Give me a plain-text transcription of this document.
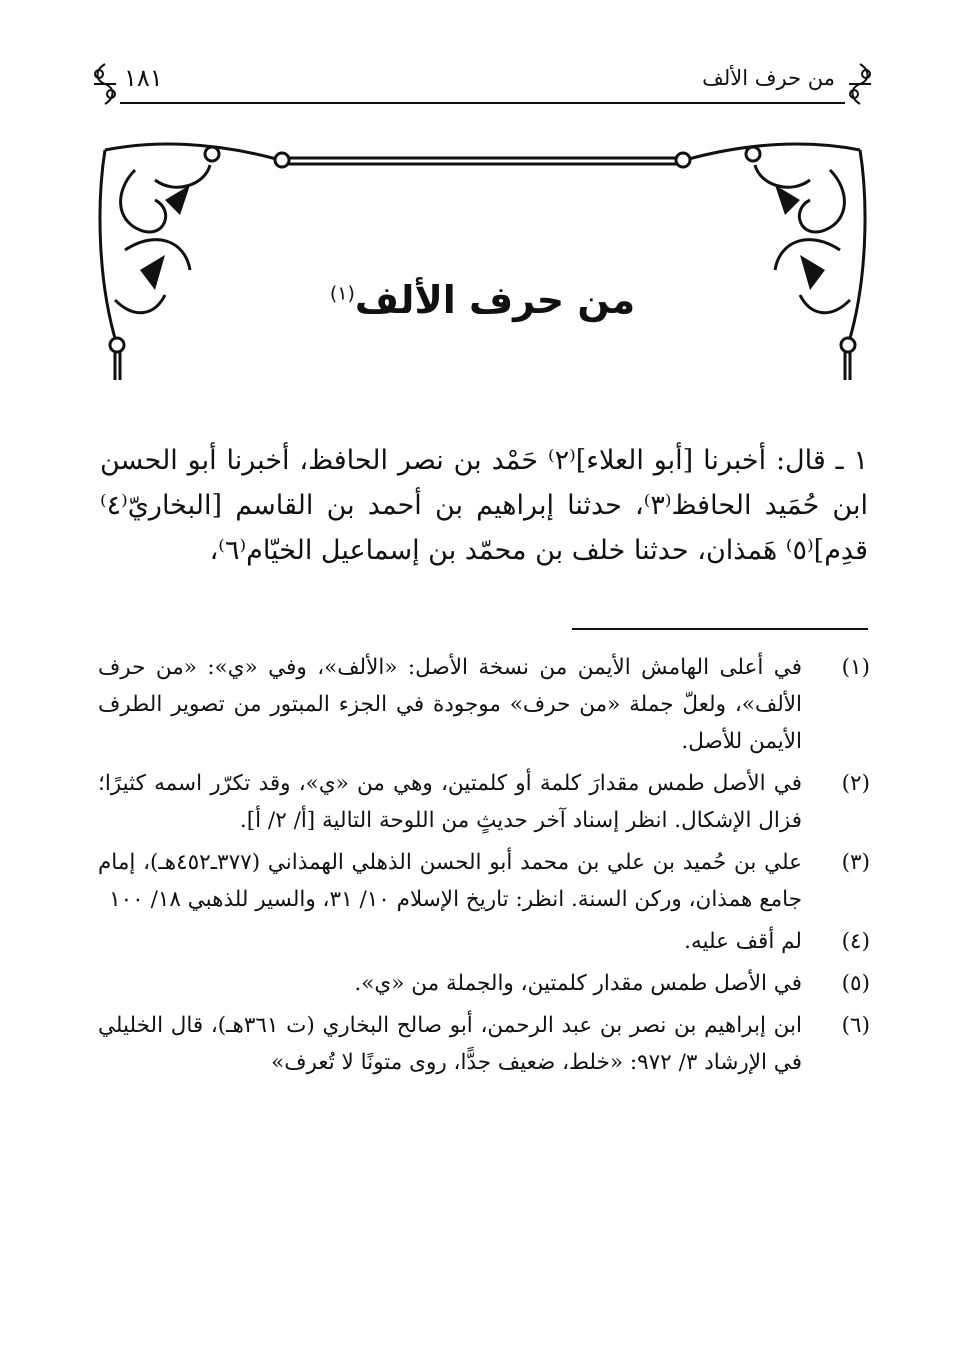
١٨١	من حرف الألف
من حرف الألف$^{(١)}$
١ ـ قال: أخبرنا [أبو العلاء]⁽٢⁾ حَمْد بن نصر الحافظ، أخبرنا أبو الحسن ابن حُمَيد الحافظ⁽٣⁾، حدثنا إبراهيم بن أحمد بن القاسم [البخاريّ⁽٤⁾ قدِم]⁽٥⁾ هَمذان، حدثنا خلف بن محمّد بن إسماعيل الخيّام⁽٦⁾،
(١)
في أعلى الهامش الأيمن من نسخة الأصل: «الألف»، وفي «ي»: «من حرف الألف»، ولعلّ جملة «من حرف» موجودة في الجزء المبتور من تصوير الطرف الأيمن للأصل.
(٢)
في الأصل طمس مقدارَ كلمة أو كلمتين، وهي من «ي»، وقد تكرّر اسمه كثيرًا؛ فزال الإشكال. انظر إسناد آخر حديثٍ من اللوحة التالية [أ/ ٢/ أ].
(٣)
علي بن حُميد بن علي بن محمد أبو الحسن الذهلي الهمذاني (٣٧٧ـ٤٥٢هـ)، إمام جامع همذان، وركن السنة. انظر: تاريخ الإسلام ١٠/ ٣١، والسير للذهبي ١٨/ ١٠٠
(٤)
لم أقف عليه.
(٥)
في الأصل طمس مقدار كلمتين، والجملة من «ي».
(٦)
ابن إبراهيم بن نصر بن عبد الرحمن، أبو صالح البخاري (ت ٣٦١هـ)، قال الخليلي في الإرشاد ٣/ ٩٧٢: «خلط، ضعيف جدًّا، روى متونًا لا تُعرف»
